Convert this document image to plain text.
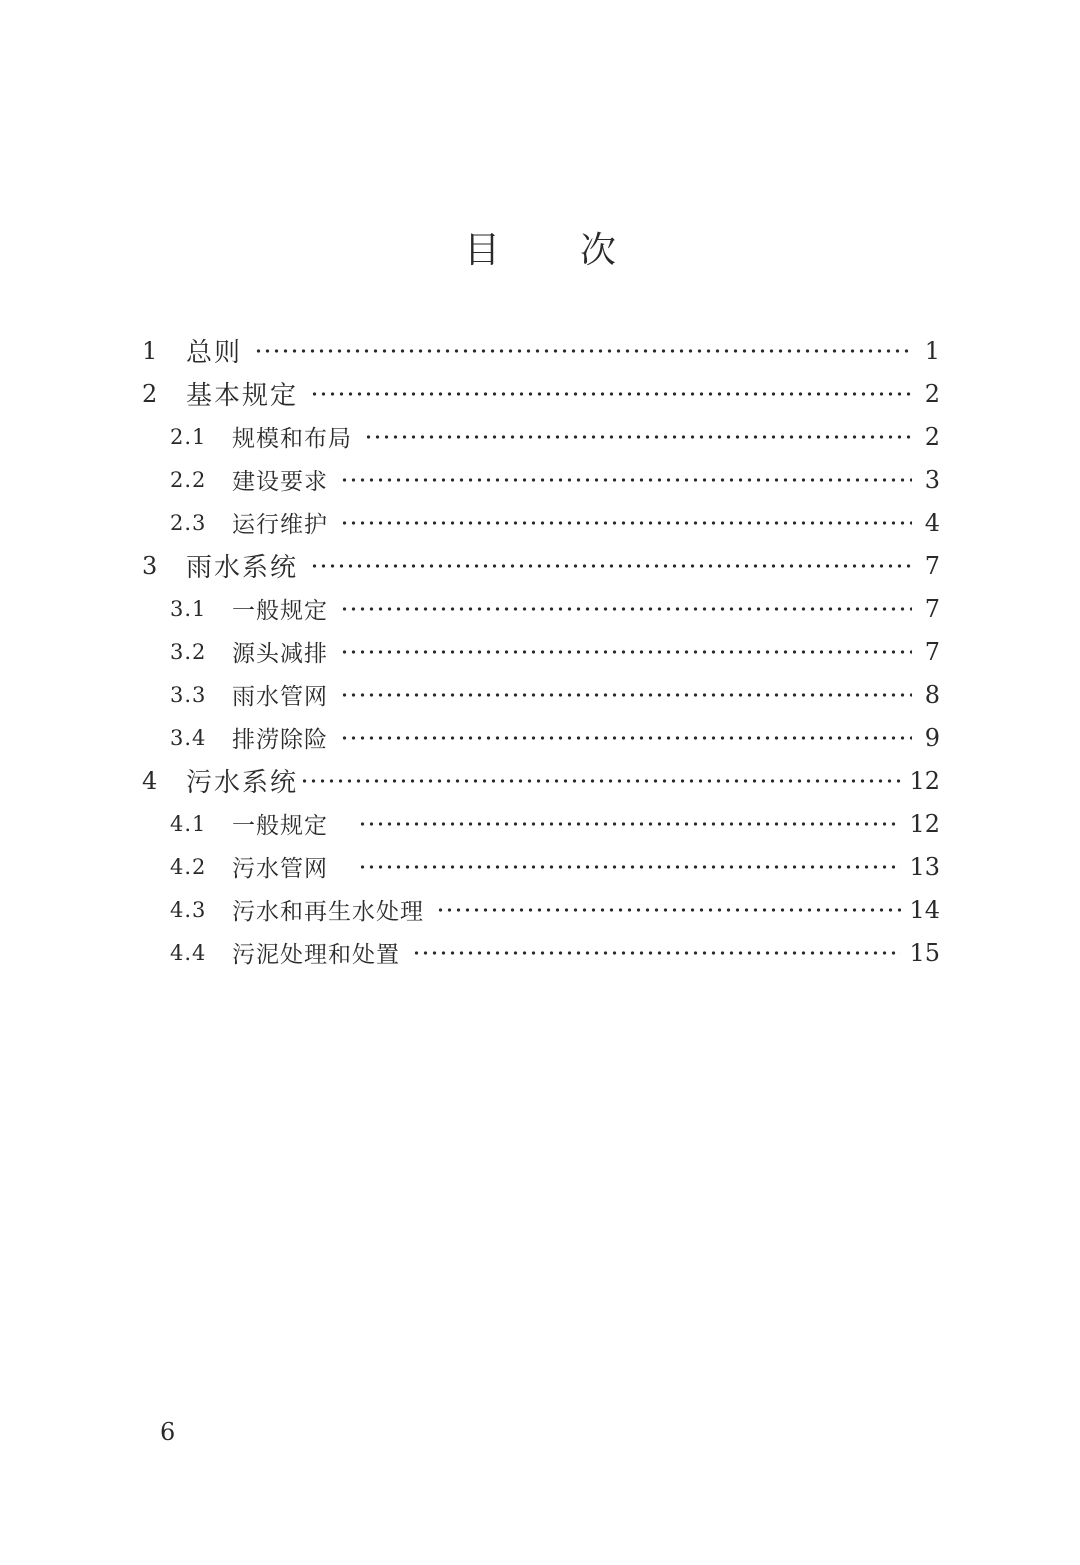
目 次
1	总则	1
2	基本规定	2
2.1	规模和布局	2
2.2	建设要求	3
2.3	运行维护	4
3	雨水系统	7
3.1	一般规定	7
3.2	源头减排	7
3.3	雨水管网	8
3.4	排涝除险	9
4	污水系统	12
4.1	一般规定	12
4.2	污水管网	13
4.3	污水和再生水处理	14
4.4	污泥处理和处置	15
6
